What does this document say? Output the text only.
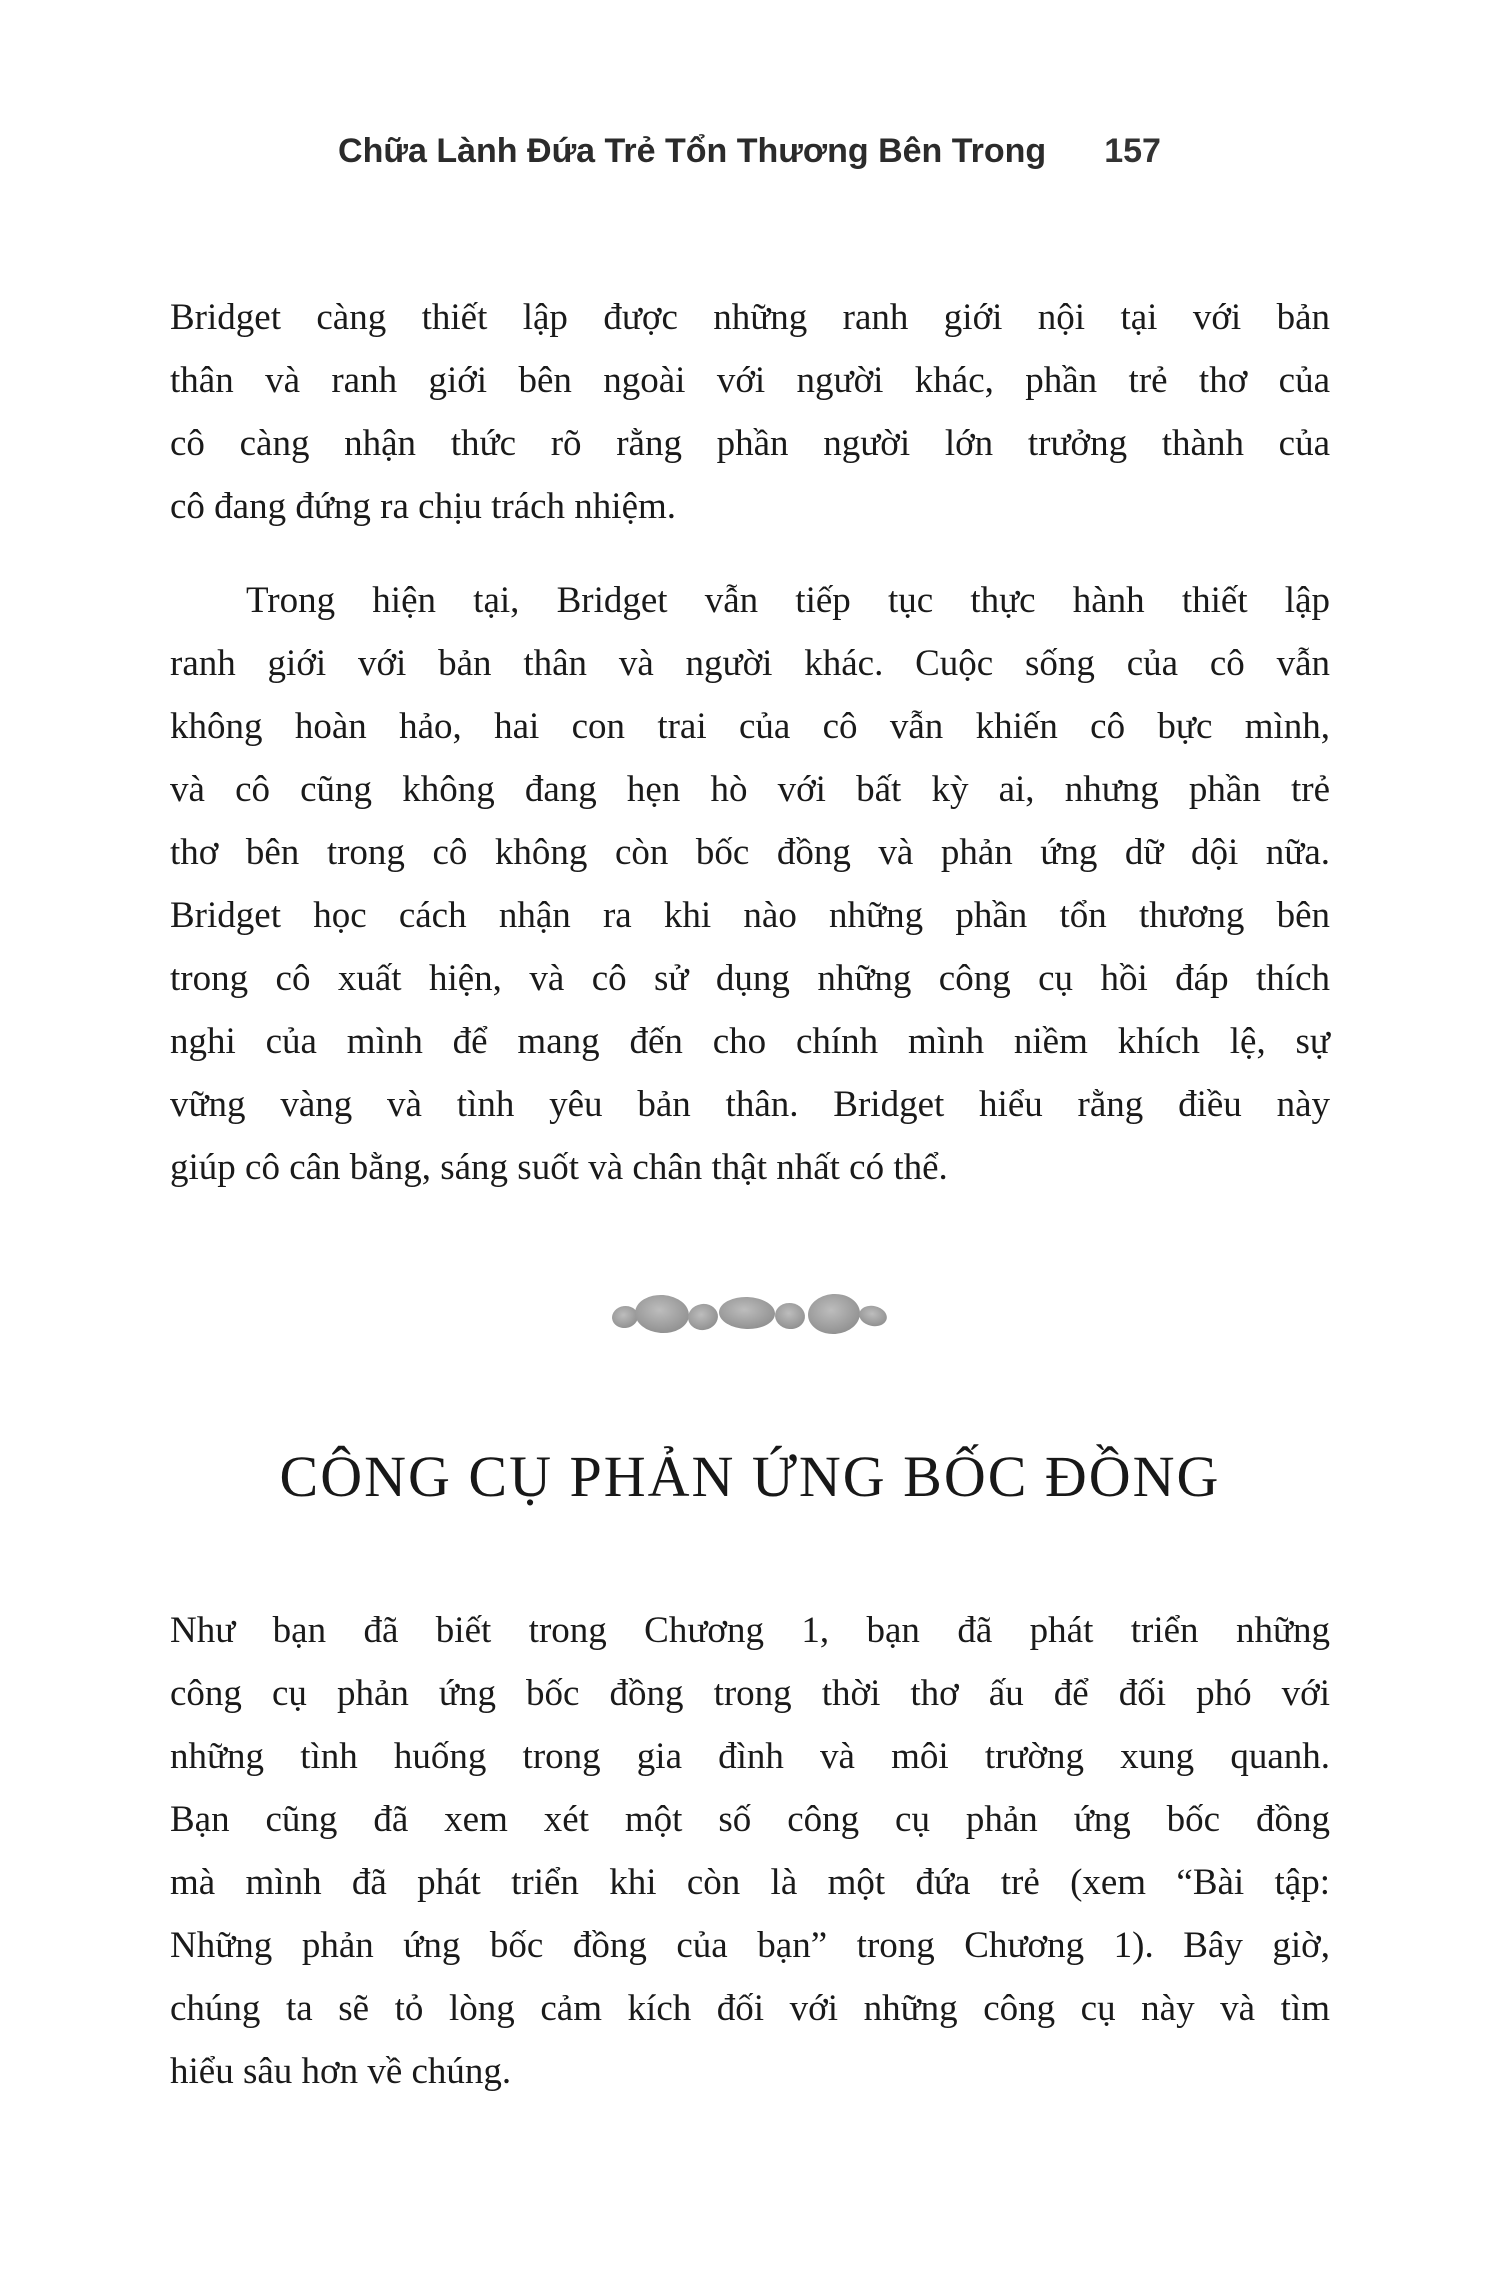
Chữa Lành Đứa Trẻ Tổn Thương Bên Trong 157
Bridget càng thiết lập được những ranh giới nội tại với bản
thân và ranh giới bên ngoài với người khác, phần trẻ thơ của
cô càng nhận thức rõ rằng phần người lớn trưởng thành của
cô đang đứng ra chịu trách nhiệm.
Trong hiện tại, Bridget vẫn tiếp tục thực hành thiết lập
ranh giới với bản thân và người khác. Cuộc sống của cô vẫn
không hoàn hảo, hai con trai của cô vẫn khiến cô bực mình,
và cô cũng không đang hẹn hò với bất kỳ ai, nhưng phần trẻ
thơ bên trong cô không còn bốc đồng và phản ứng dữ dội nữa.
Bridget học cách nhận ra khi nào những phần tổn thương bên
trong cô xuất hiện, và cô sử dụng những công cụ hồi đáp thích
nghi của mình để mang đến cho chính mình niềm khích lệ, sự
vững vàng và tình yêu bản thân. Bridget hiểu rằng điều này
giúp cô cân bằng, sáng suốt và chân thật nhất có thể.
CÔNG CỤ PHẢN ỨNG BỐC ĐỒNG
Như bạn đã biết trong Chương 1, bạn đã phát triển những
công cụ phản ứng bốc đồng trong thời thơ ấu để đối phó với
những tình huống trong gia đình và môi trường xung quanh.
Bạn cũng đã xem xét một số công cụ phản ứng bốc đồng
mà mình đã phát triển khi còn là một đứa trẻ (xem “Bài tập:
Những phản ứng bốc đồng của bạn” trong Chương 1). Bây giờ,
chúng ta sẽ tỏ lòng cảm kích đối với những công cụ này và tìm
hiểu sâu hơn về chúng.
